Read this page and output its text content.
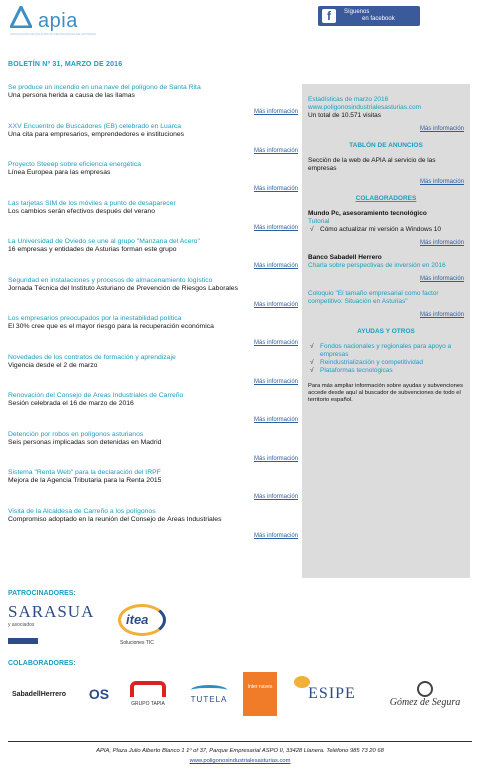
apia
ASOCIACIÓN DE POLÍGONOS INDUSTRIALES DE ASTURIAS
f	Síguenos
en facebook
BOLETÍN Nº 31, MARZO DE 2016
Se produce un incendio en una nave del polígono de Santa Rita
Una persona herida a causa de las llamas
Más información
XXV Encuentro de Buscadores (EB) celebrado en Luarca
Una cita para empresarios, emprendedores e instituciones
Más información
Proyecto Steeep sobre eficiencia energética
Línea Europea para las empresas
Más información
Las tarjetas SIM de los móviles a punto de desaparecer
Los cambios serán efectivos después del verano
Más información
La Universidad de Oviedo se une al grupo "Manzana del Acero"
16 empresas y entidades de Asturias forman este grupo
Más información
Seguridad en instalaciones y procesos de almacenamiento logístico
Jornada Técnica del Instituto Asturiano de Prevención de Riesgos Laborales
Más información
Los empresarios preocupados por la inestabilidad política
El 30% cree que es el mayor riesgo para la recuperación económica
Más información
Novedades de los contratos de formación y aprendizaje
Vigencia desde el 2 de marzo
Más información
Renovación del Consejo de Áreas Industriales de Carreño
Sesión celebrada el 16 de marzo de 2016
Más información
Detención por robos en polígonos asturianos
Seis personas implicadas son detenidas en Madrid
Más información
Sistema "Renta Web" para la declaración del IRPF
Mejora de la Agencia Tributaria para la Renta 2015
Más información
Visita de la Alcaldesa de Carreño a los polígonos
Compromiso adoptado en la reunión del Consejo de Áreas Industriales
Más información
Estadísticas de marzo 2016
www.poligonosindustrialesasturias.com
Un total de 10.571 visitas
Más información
TABLÓN DE ANUNCIOS
Sección de la web de APIA al servicio de las empresas
Más información
COLABORADORES
Mundo Pc, asesoramiento tecnológico
Tutorial
√ Cómo actualizar mi versión a Windows 10
Más información
Banco Sabadell Herrero
Charla sobre perspectivas de inversión en 2016
Más información
Coloquio "El tamaño empresarial como factor competitivo: Situación en Asturias"
Más información
AYUDAS Y OTROS
√ Fondos nacionales y regionales para apoyo a empresas
√ Reindustrialización y competitividad
√ Plataformas tecnológicas
Para más ampliar información sobre ayudas y subvenciones accede desde aquí al buscador de subvenciones de todo el territorio español.
PATROCINADORES:
SARASUA
y asociados	itea
Soluciones TIC
COLABORADORES:
SabadellHerrero	OS
GRUPO TAPIA
TUTELA
Inter naves ESIPE	Gómez de Segura
APIA, Plaza Julio Alberto Blanco 1 1º of 37, Parque Empresarial ASPO II, 33428 Llanera. Teléfono 985 73 20 68
www.poligonosindustrialesasturias.com
